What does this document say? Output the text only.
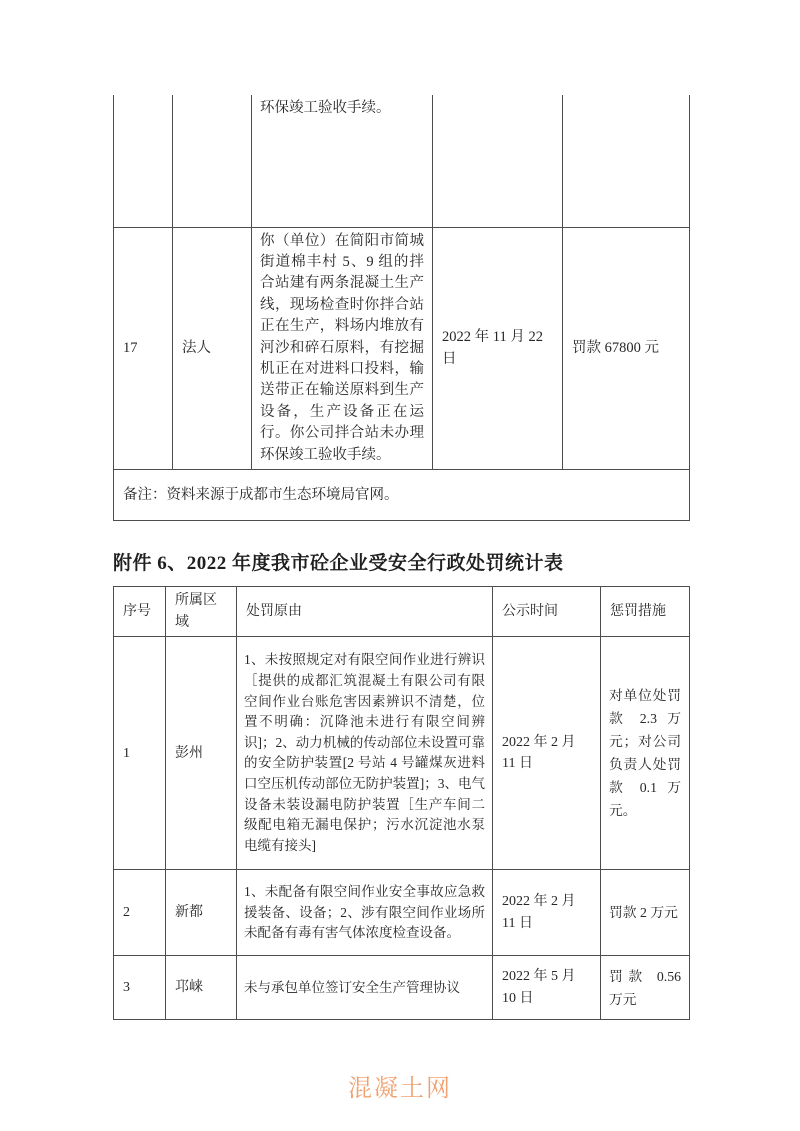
		环保竣工验收手续。		
17	法人	你（单位）在简阳市简城街道棉丰村 5、9 组的拌合站建有两条混凝土生产线，现场检查时你拌合站正在生产，料场内堆放有河沙和碎石原料，有挖掘机正在对进料口投料，输送带正在输送原料到生产设备，生产设备正在运行。你公司拌合站未办理环保竣工验收手续。	2022 年 11 月 22 日	罚款 67800 元
备注：资料来源于成都市生态环境局官网。				
附件 6、2022 年度我市砼企业受安全行政处罚统计表
序号	所属区域	处罚原由	公示时间	惩罚措施
1	彭州	1、未按照规定对有限空间作业进行辨识［提供的成都汇筑混凝土有限公司有限空间作业台账危害因素辨识不清楚，位置不明确：沉降池未进行有限空间辨识]；2、动力机械的传动部位未设置可靠的安全防护装置[2 号站 4 号罐煤灰进料口空压机传动部位无防护装置]；3、电气设备未装设漏电防护装置［生产车间二级配电箱无漏电保护；污水沉淀池水泵电缆有接头]	2022 年 2 月 11 日	对单位处罚款 2.3 万元；对公司负责人处罚款 0.1 万元。
2	新都	1、未配备有限空间作业安全事故应急救援装备、设备；2、涉有限空间作业场所未配备有毒有害气体浓度检查设备。	2022 年 2 月 11 日	罚款 2 万元
3	邛崃	未与承包单位签订安全生产管理协议	2022 年 5 月 10 日	罚款 0.56 万元
混凝土网
